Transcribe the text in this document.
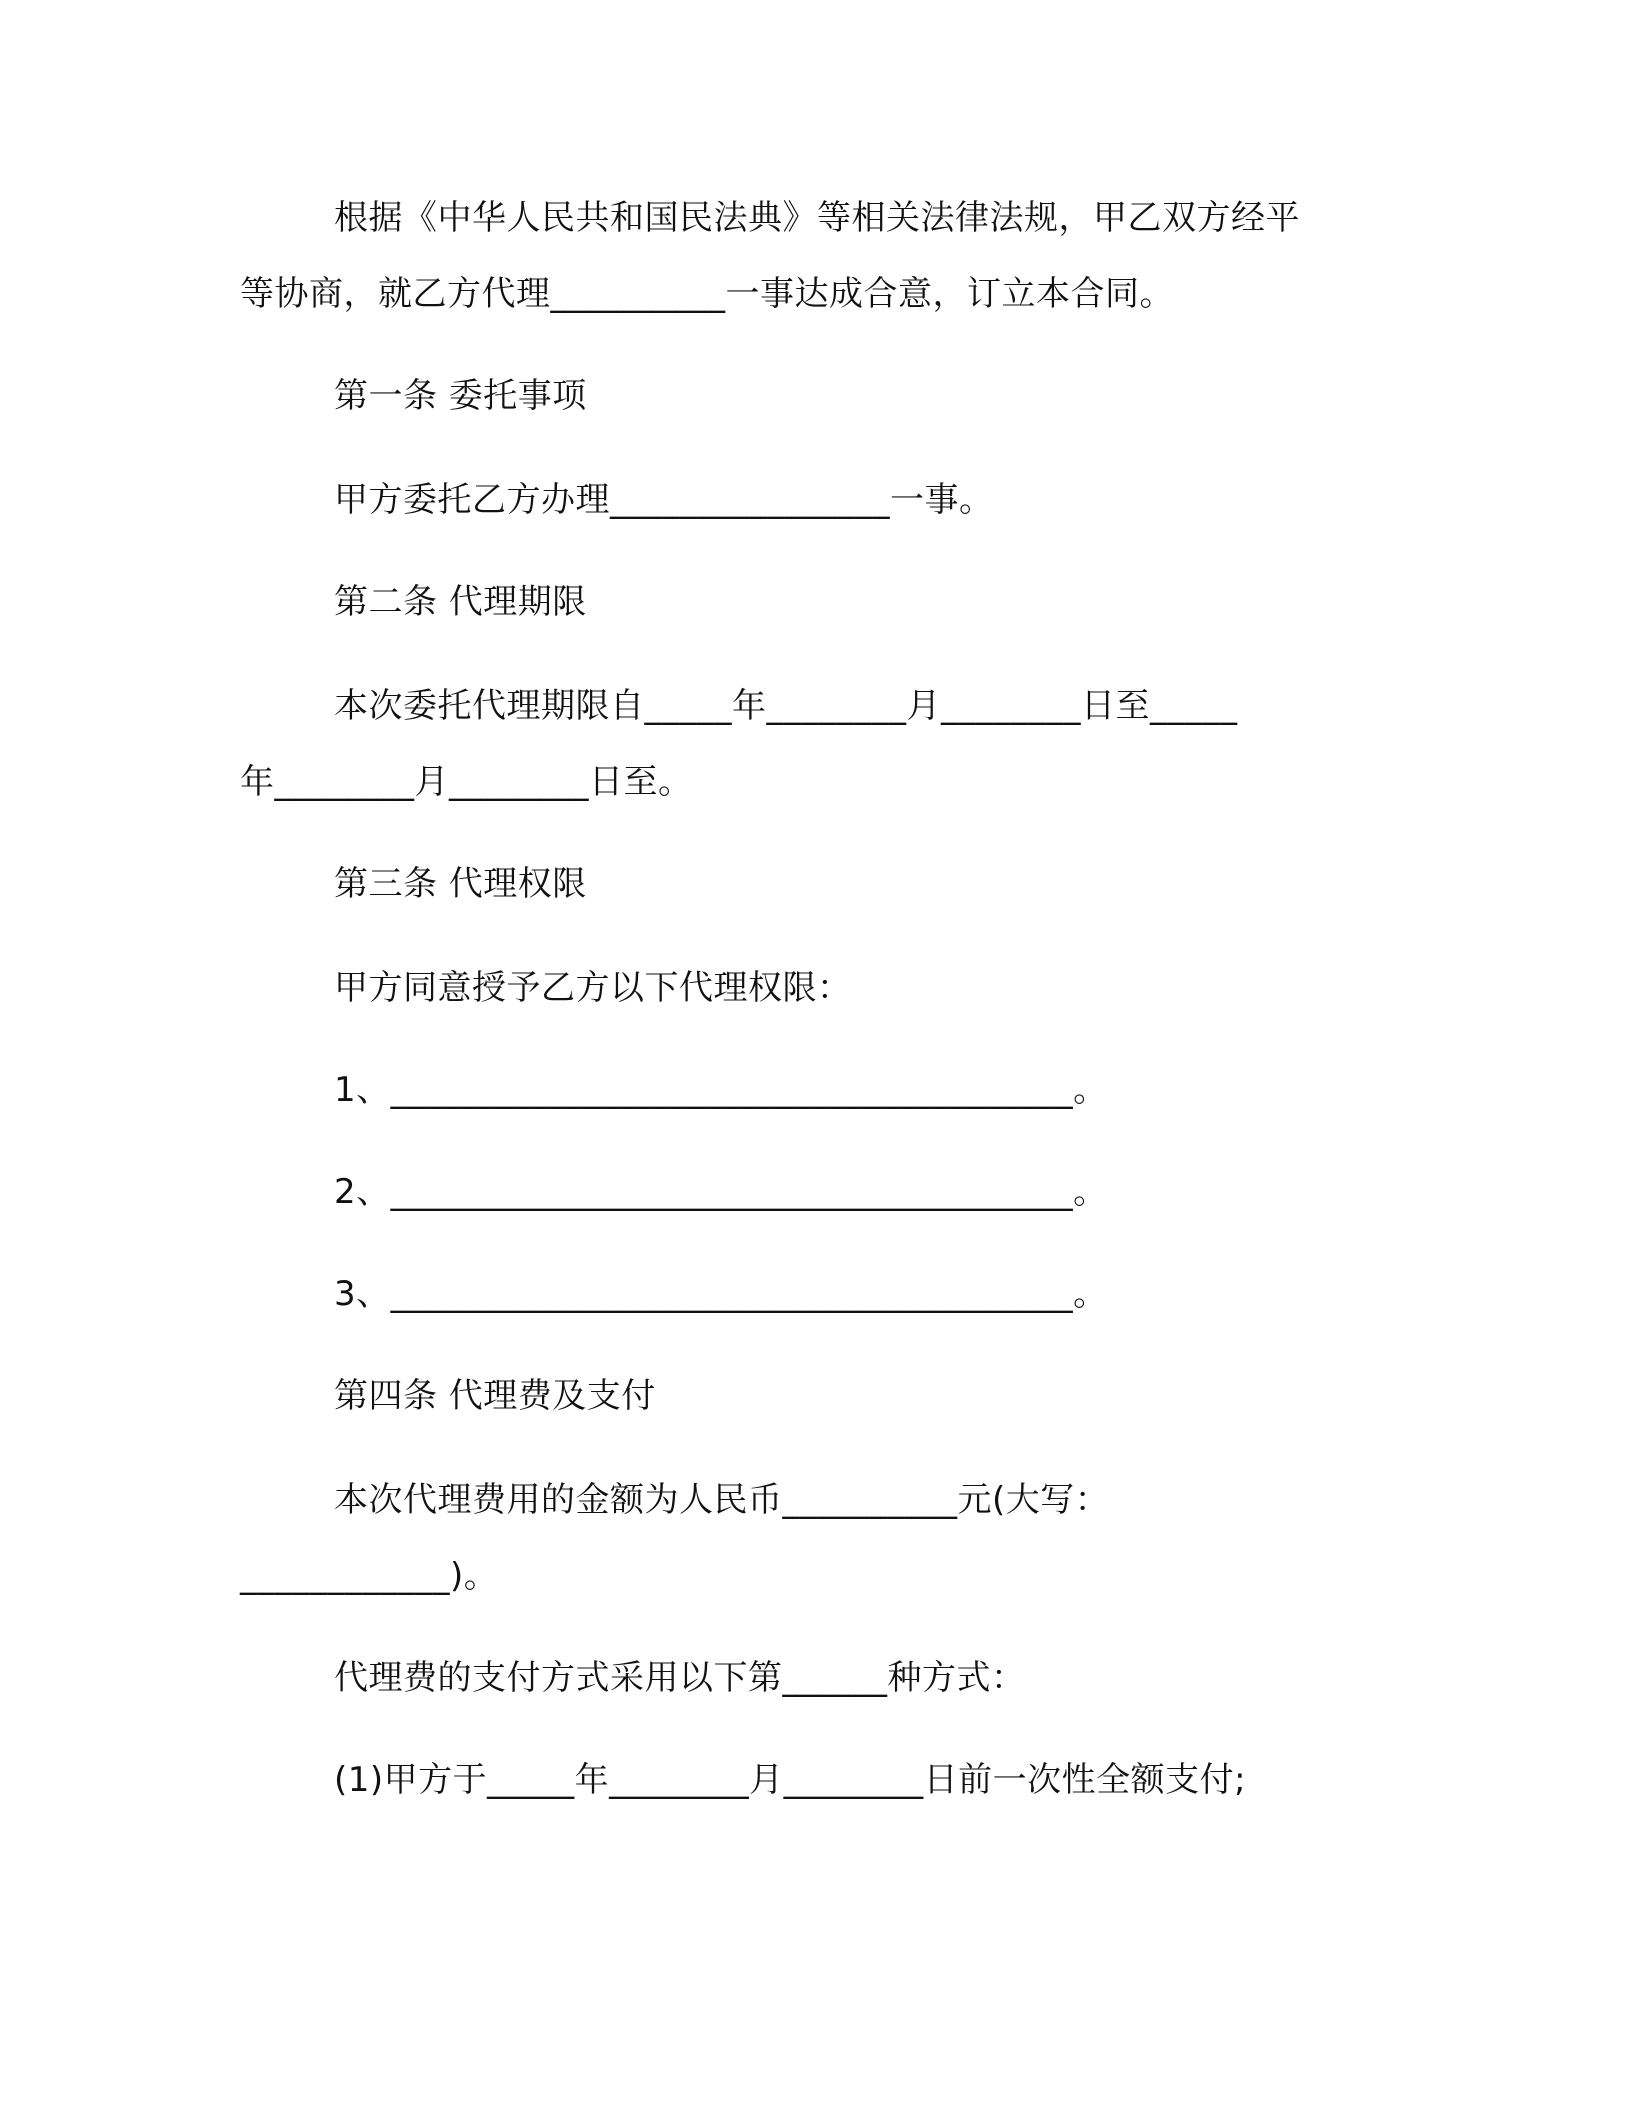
根据《中华人民共和国民法典》等相关法律法规，甲乙双方经平
等协商，就乙方代理__________一事达成合意，订立本合同。
第一条 委托事项
甲方委托乙方办理________________一事。
第二条 代理期限
本次委托代理期限自_____年________月________日至_____
年________月________日至。
第三条 代理权限
甲方同意授予乙方以下代理权限：
1、_______________________________________。
2、_______________________________________。
3、_______________________________________。
第四条 代理费及支付
本次代理费用的金额为人民币__________元(大写：
____________)。
代理费的支付方式采用以下第______种方式：
(1)甲方于_____年________月________日前一次性全额支付;
